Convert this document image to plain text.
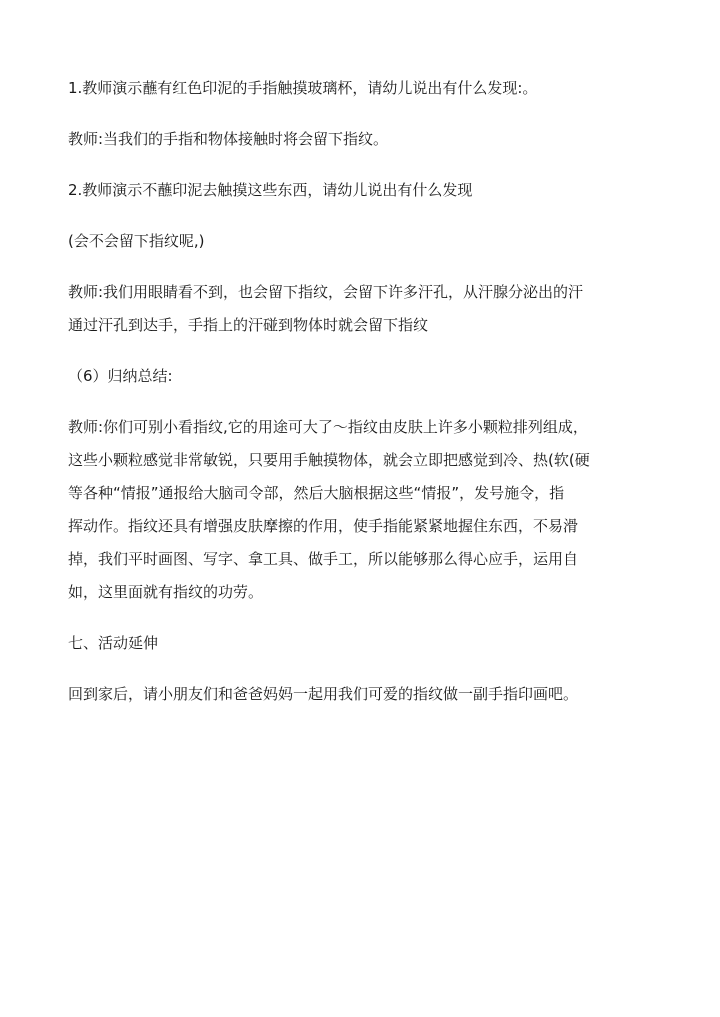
1.教师演示蘸有红色印泥的手指触摸玻璃杯，请幼儿说出有什么发现:。

教师:当我们的手指和物体接触时将会留下指纹。

2.教师演示不蘸印泥去触摸这些东西，请幼儿说出有什么发现

(会不会留下指纹呢,)

教师:我们用眼睛看不到，也会留下指纹，会留下许多汗孔，从汗腺分泌出的汗
通过汗孔到达手，手指上的汗碰到物体时就会留下指纹

（6）归纳总结:

教师:你们可别小看指纹,它的用途可大了～指纹由皮肤上许多小颗粒排列组成，
这些小颗粒感觉非常敏锐，只要用手触摸物体，就会立即把感觉到冷、热(软(硬
等各种“情报”通报给大脑司令部，然后大脑根据这些“情报”，发号施令，指
挥动作。指纹还具有增强皮肤摩擦的作用，使手指能紧紧地握住东西，不易滑
掉，我们平时画图、写字、拿工具、做手工，所以能够那么得心应手，运用自
如，这里面就有指纹的功劳。

七、活动延伸

回到家后，请小朋友们和爸爸妈妈一起用我们可爱的指纹做一副手指印画吧。
